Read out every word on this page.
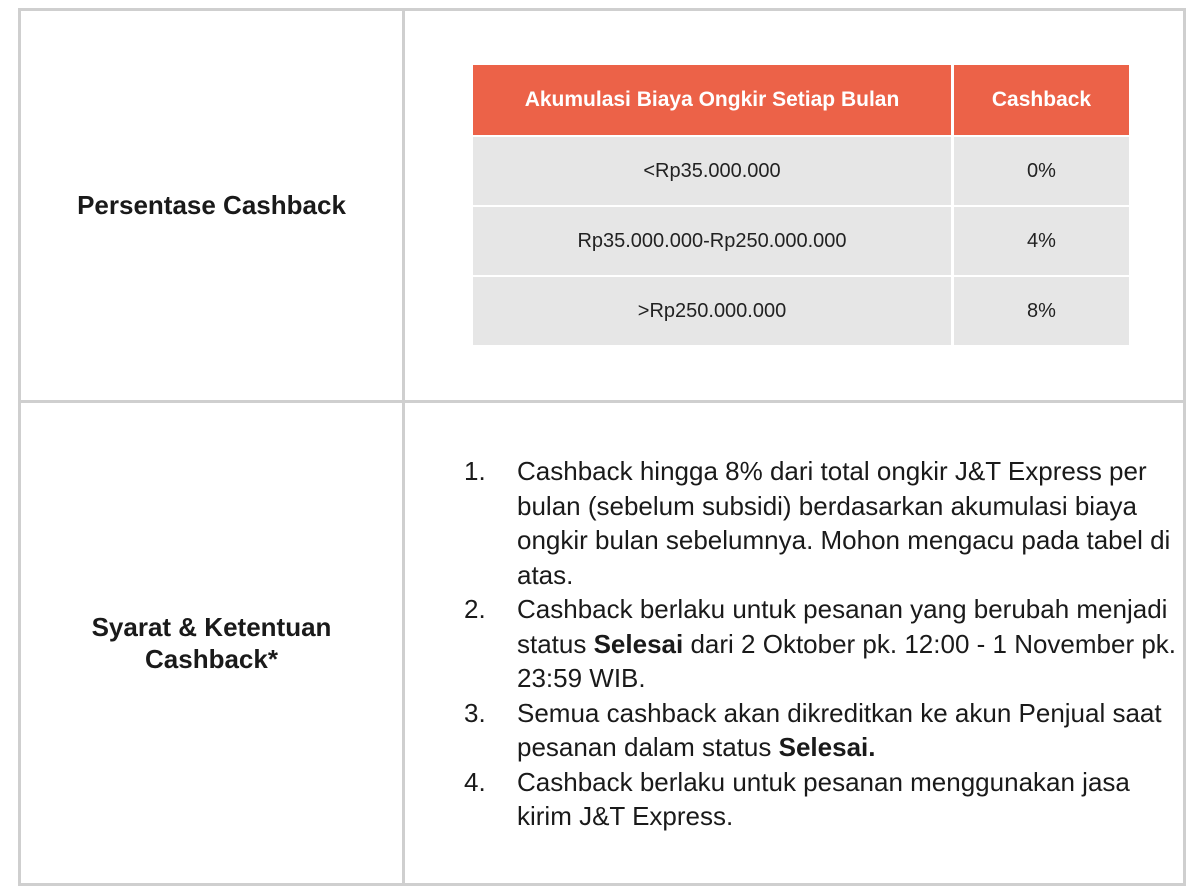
Persentase Cashback
Akumulasi Biaya Ongkir Setiap Bulan	Cashback
<Rp35.000.000	0%
Rp35.000.000-Rp250.000.000	4%
>Rp250.000.000	8%
Syarat & Ketentuan Cashback*
1. Cashback hingga 8% dari total ongkir J&T Express per bulan (sebelum subsidi) berdasarkan akumulasi biaya ongkir bulan sebelumnya. Mohon mengacu pada tabel di atas.
2. Cashback berlaku untuk pesanan yang berubah menjadi status Selesai dari 2 Oktober pk. 12:00 - 1 November pk. 23:59 WIB.
3. Semua cashback akan dikreditkan ke akun Penjual saat pesanan dalam status Selesai.
4. Cashback berlaku untuk pesanan menggunakan jasa kirim J&T Express.
